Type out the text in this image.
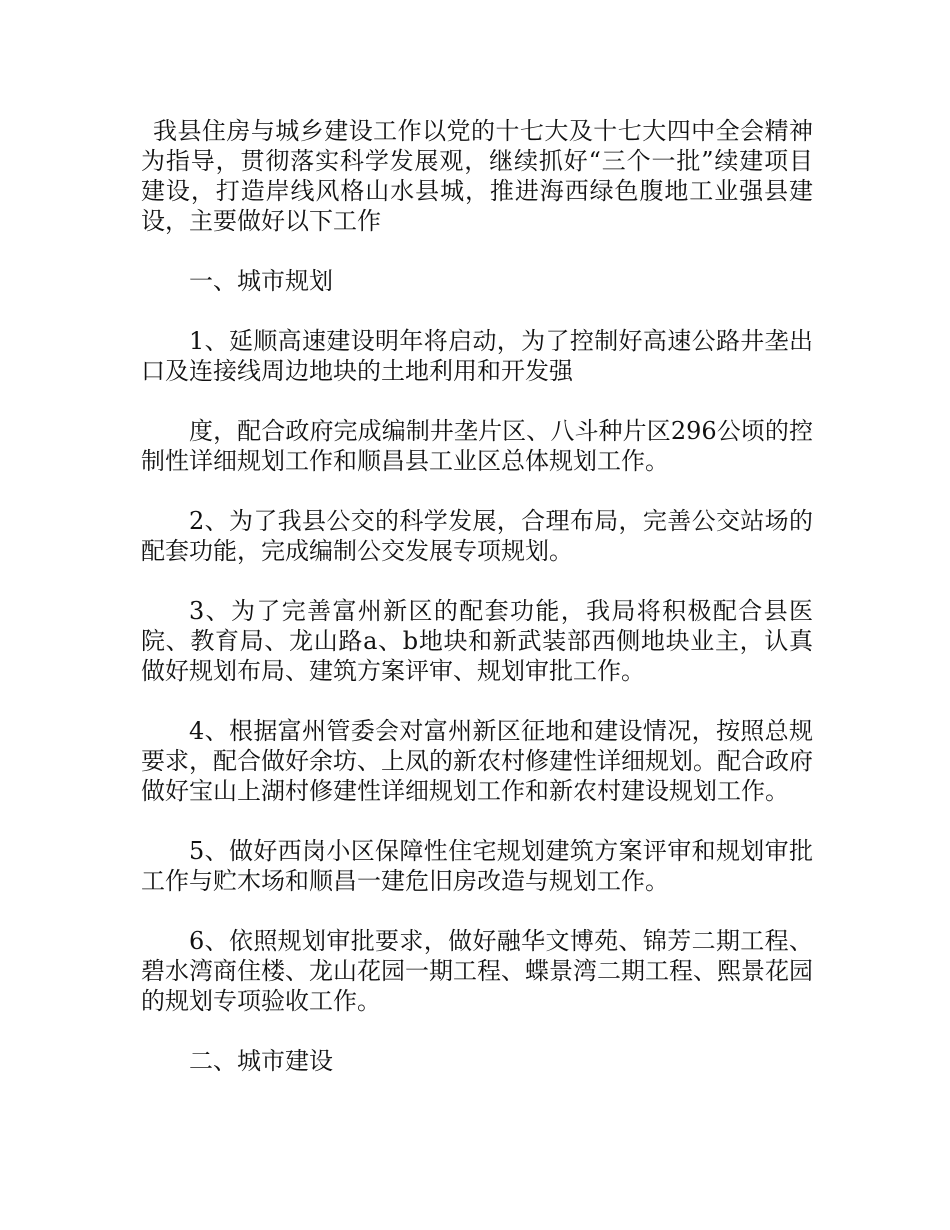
我县住房与城乡建设工作以党的十七大及十七大四中全会精神为指导，贯彻落实科学发展观，继续抓好“三个一批”续建项目建设，打造岸线风格山水县城，推进海西绿色腹地工业强县建设，主要做好以下工作

一、城市规划

1、延顺高速建设明年将启动，为了控制好高速公路井垄出口及连接线周边地块的土地利用和开发强

度，配合政府完成编制井垄片区、八斗种片区296公顷的控制性详细规划工作和顺昌县工业区总体规划工作。

2、为了我县公交的科学发展，合理布局，完善公交站场的配套功能，完成编制公交发展专项规划。

3、为了完善富州新区的配套功能，我局将积极配合县医院、教育局、龙山路a、b地块和新武装部西侧地块业主，认真做好规划布局、建筑方案评审、规划审批工作。

4、根据富州管委会对富州新区征地和建设情况，按照总规要求，配合做好余坊、上凤的新农村修建性详细规划。配合政府做好宝山上湖村修建性详细规划工作和新农村建设规划工作。

5、做好西岗小区保障性住宅规划建筑方案评审和规划审批工作与贮木场和顺昌一建危旧房改造与规划工作。

6、依照规划审批要求，做好融华文博苑、锦芳二期工程、碧水湾商住楼、龙山花园一期工程、蝶景湾二期工程、熙景花园的规划专项验收工作。

二、城市建设
